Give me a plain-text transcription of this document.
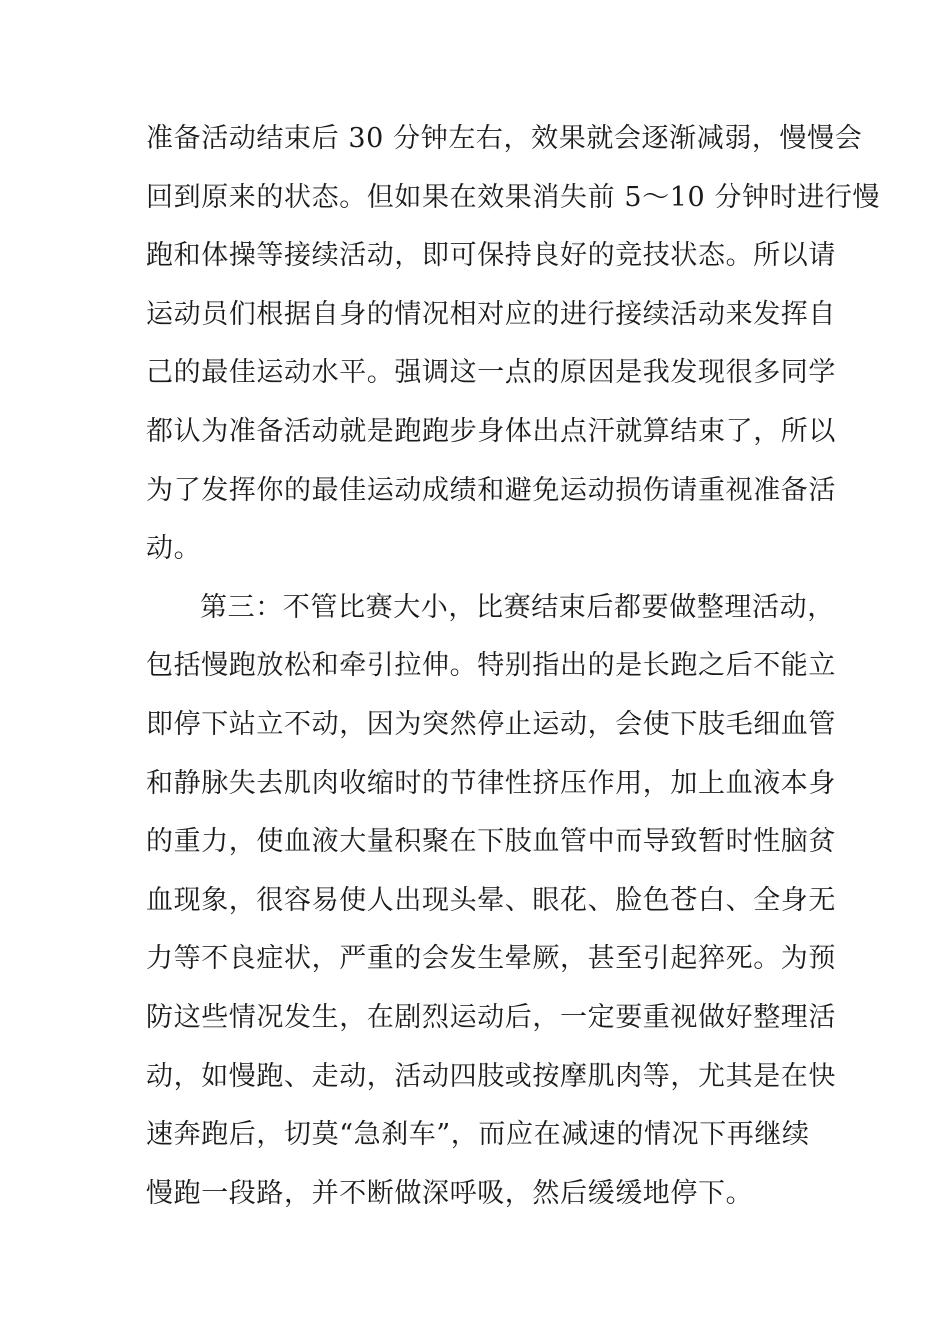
准备活动结束后 30 分钟左右，效果就会逐渐减弱，慢慢会
回到原来的状态。但如果在效果消失前 5～10 分钟时进行慢
跑和体操等接续活动，即可保持良好的竞技状态。所以请
运动员们根据自身的情况相对应的进行接续活动来发挥自
己的最佳运动水平。强调这一点的原因是我发现很多同学
都认为准备活动就是跑跑步身体出点汗就算结束了，所以
为了发挥你的最佳运动成绩和避免运动损伤请重视准备活
动。
第三：不管比赛大小，比赛结束后都要做整理活动，
包括慢跑放松和牵引拉伸。特别指出的是长跑之后不能立
即停下站立不动，因为突然停止运动，会使下肢毛细血管
和静脉失去肌肉收缩时的节律性挤压作用，加上血液本身
的重力，使血液大量积聚在下肢血管中而导致暂时性脑贫
血现象，很容易使人出现头晕、眼花、脸色苍白、全身无
力等不良症状，严重的会发生晕厥，甚至引起猝死。为预
防这些情况发生，在剧烈运动后，一定要重视做好整理活
动，如慢跑、走动，活动四肢或按摩肌肉等，尤其是在快
速奔跑后，切莫“急刹车”，而应在减速的情况下再继续
慢跑一段路，并不断做深呼吸，然后缓缓地停下。
